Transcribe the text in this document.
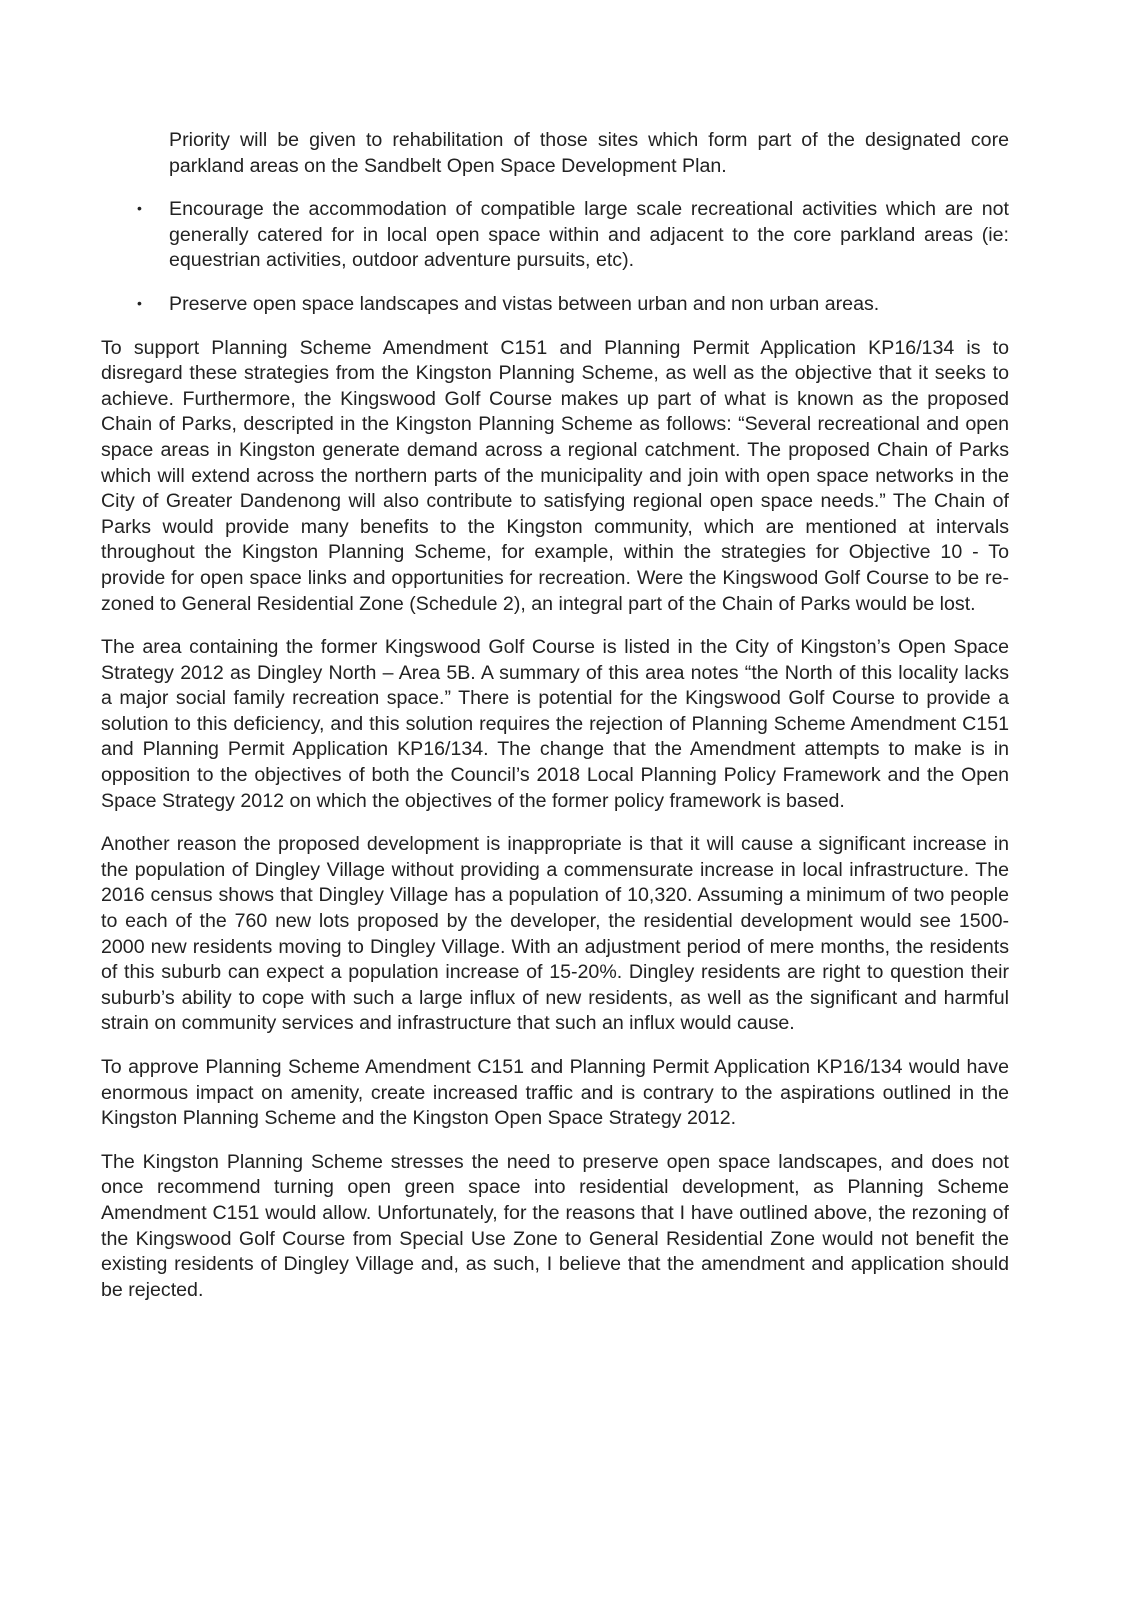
Priority will be given to rehabilitation of those sites which form part of the designated core parkland areas on the Sandbelt Open Space Development Plan.

• Encourage the accommodation of compatible large scale recreational activities which are not generally catered for in local open space within and adjacent to the core parkland areas (ie: equestrian activities, outdoor adventure pursuits, etc).
• Preserve open space landscapes and vistas between urban and non urban areas.

To support Planning Scheme Amendment C151 and Planning Permit Application KP16/134 is to disregard these strategies from the Kingston Planning Scheme, as well as the objective that it seeks to achieve. Furthermore, the Kingswood Golf Course makes up part of what is known as the proposed Chain of Parks, descripted in the Kingston Planning Scheme as follows: “Several recreational and open space areas in Kingston generate demand across a regional catchment. The proposed Chain of Parks which will extend across the northern parts of the municipality and join with open space networks in the City of Greater Dandenong will also contribute to satisfying regional open space needs.” The Chain of Parks would provide many benefits to the Kingston community, which are mentioned at intervals throughout the Kingston Planning Scheme, for example, within the strategies for Objective 10 - To provide for open space links and opportunities for recreation. Were the Kingswood Golf Course to be re-zoned to General Residential Zone (Schedule 2), an integral part of the Chain of Parks would be lost.

The area containing the former Kingswood Golf Course is listed in the City of Kingston’s Open Space Strategy 2012 as Dingley North – Area 5B. A summary of this area notes “the North of this locality lacks a major social family recreation space.” There is potential for the Kingswood Golf Course to provide a solution to this deficiency, and this solution requires the rejection of Planning Scheme Amendment C151 and Planning Permit Application KP16/134. The change that the Amendment attempts to make is in opposition to the objectives of both the Council’s 2018 Local Planning Policy Framework and the Open Space Strategy 2012 on which the objectives of the former policy framework is based.

Another reason the proposed development is inappropriate is that it will cause a significant increase in the population of Dingley Village without providing a commensurate increase in local infrastructure. The 2016 census shows that Dingley Village has a population of 10,320. Assuming a minimum of two people to each of the 760 new lots proposed by the developer, the residential development would see 1500-2000 new residents moving to Dingley Village. With an adjustment period of mere months, the residents of this suburb can expect a population increase of 15-20%. Dingley residents are right to question their suburb’s ability to cope with such a large influx of new residents, as well as the significant and harmful strain on community services and infrastructure that such an influx would cause.

To approve Planning Scheme Amendment C151 and Planning Permit Application KP16/134 would have enormous impact on amenity, create increased traffic and is contrary to the aspirations outlined in the Kingston Planning Scheme and the Kingston Open Space Strategy 2012.

The Kingston Planning Scheme stresses the need to preserve open space landscapes, and does not once recommend turning open green space into residential development, as Planning Scheme Amendment C151 would allow. Unfortunately, for the reasons that I have outlined above, the rezoning of the Kingswood Golf Course from Special Use Zone to General Residential Zone would not benefit the existing residents of Dingley Village and, as such, I believe that the amendment and application should be rejected.
